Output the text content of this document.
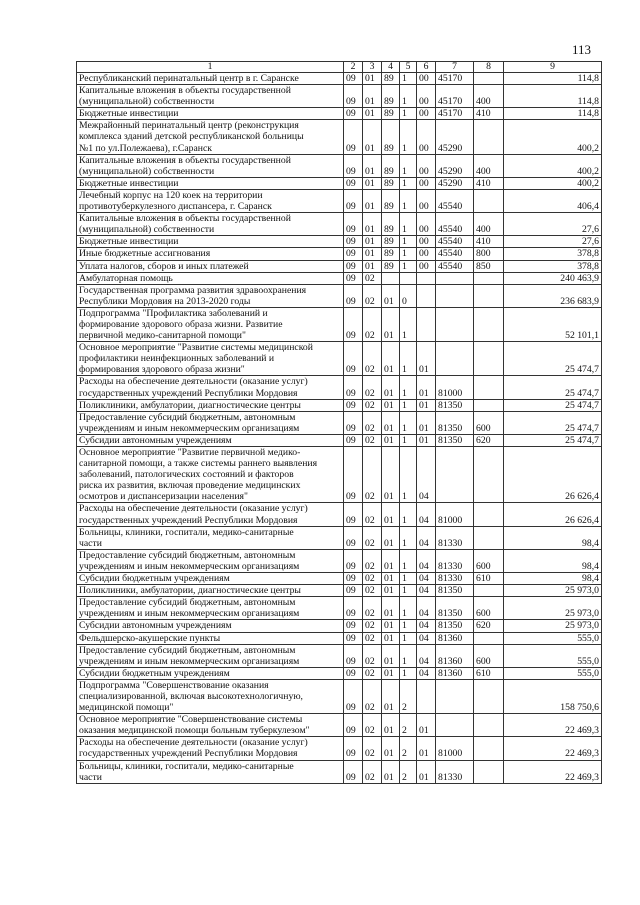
113
1	2	3	4	5	6	7	8	9
Республиканский перинатальный центр в г. Саранске	09	01	89	1	00	45170		114,8
Капитальные вложения в объекты государственной
(муниципальной) собственности	09	01	89	1	00	45170	400	114,8
Бюджетные инвестиции	09	01	89	1	00	45170	410	114,8
Межрайонный перинатальный центр (реконструкция
комплекса зданий детской республиканской больницы
№1 по ул.Полежаева), г.Саранск	09	01	89	1	00	45290		400,2
Капитальные вложения в объекты государственной
(муниципальной) собственности	09	01	89	1	00	45290	400	400,2
Бюджетные инвестиции	09	01	89	1	00	45290	410	400,2
Лечебный корпус на 120 коек на территории
противотуберкулезного диспансера, г. Саранск	09	01	89	1	00	45540		406,4
Капитальные вложения в объекты государственной
(муниципальной) собственности	09	01	89	1	00	45540	400	27,6
Бюджетные инвестиции	09	01	89	1	00	45540	410	27,6
Иные бюджетные ассигнования	09	01	89	1	00	45540	800	378,8
Уплата налогов, сборов и иных платежей	09	01	89	1	00	45540	850	378,8
Амбулаторная помощь	09	02						240 463,9
Государственная программа развития здравоохранения
Республики Мордовия на 2013-2020 годы	09	02	01	0				236 683,9
Подпрограмма "Профилактика заболеваний и
формирование здорового образа жизни. Развитие
первичной медико-санитарной помощи"	09	02	01	1				52 101,1
Основное мероприятие "Развитие системы медицинской
профилактики неинфекционных заболеваний и
формирования здорового образа жизни"	09	02	01	1	01			25 474,7
Расходы на обеспечение деятельности (оказание услуг)
государственных учреждений Республики Мордовия	09	02	01	1	01	81000		25 474,7
Поликлиники, амбулатории, диагностические центры	09	02	01	1	01	81350		25 474,7
Предоставление субсидий бюджетным, автономным
учреждениям и иным некоммерческим организациям	09	02	01	1	01	81350	600	25 474,7
Субсидии автономным учреждениям	09	02	01	1	01	81350	620	25 474,7
Основное мероприятие "Развитие первичной медико-
санитарной помощи, а также системы раннего выявления
заболеваний, патологических состояний и факторов
риска их развития, включая проведение медицинских
осмотров и диспансеризации населения"	09	02	01	1	04			26 626,4
Расходы на обеспечение деятельности (оказание услуг)
государственных учреждений Республики Мордовия	09	02	01	1	04	81000		26 626,4
Больницы, клиники, госпитали, медико-санитарные
части	09	02	01	1	04	81330		98,4
Предоставление субсидий бюджетным, автономным
учреждениям и иным некоммерческим организациям	09	02	01	1	04	81330	600	98,4
Субсидии бюджетным учреждениям	09	02	01	1	04	81330	610	98,4
Поликлиники, амбулатории, диагностические центры	09	02	01	1	04	81350		25 973,0
Предоставление субсидий бюджетным, автономным
учреждениям и иным некоммерческим организациям	09	02	01	1	04	81350	600	25 973,0
Субсидии автономным учреждениям	09	02	01	1	04	81350	620	25 973,0
Фельдшерско-акушерские пункты	09	02	01	1	04	81360		555,0
Предоставление субсидий бюджетным, автономным
учреждениям и иным некоммерческим организациям	09	02	01	1	04	81360	600	555,0
Субсидии бюджетным учреждениям	09	02	01	1	04	81360	610	555,0
Подпрограмма "Совершенствование оказания
специализированной, включая высокотехнологичную,
медицинской помощи"	09	02	01	2				158 750,6
Основное мероприятие "Совершенствование системы
оказания медицинской помощи больным туберкулезом"	09	02	01	2	01			22 469,3
Расходы на обеспечение деятельности (оказание услуг)
государственных учреждений Республики Мордовия	09	02	01	2	01	81000		22 469,3
Больницы, клиники, госпитали, медико-санитарные
части	09	02	01	2	01	81330		22 469,3
